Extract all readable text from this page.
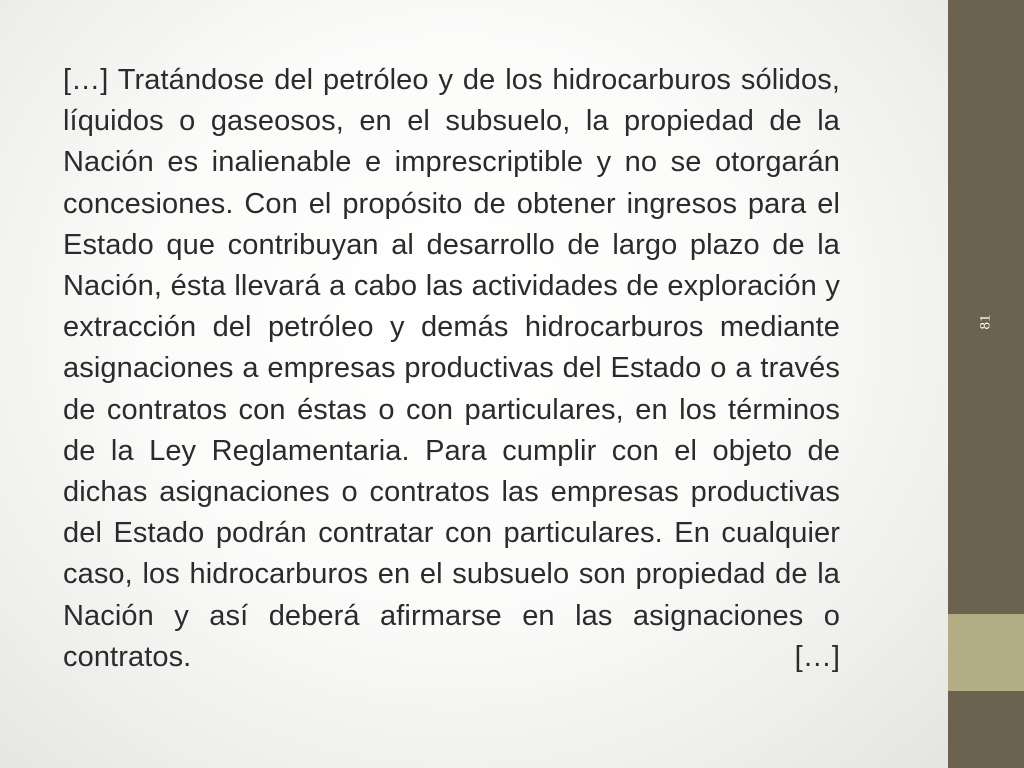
[…] Tratándose del petróleo y de los hidrocarburos sólidos, líquidos o gaseosos, en el subsuelo, la propiedad de la Nación es inalienable e imprescriptible y no se otorgarán concesiones. Con el propósito de obtener ingresos para el Estado que contribuyan al desarrollo de largo plazo de la Nación, ésta llevará a cabo las actividades de exploración y extracción del petróleo y demás hidrocarburos mediante asignaciones a empresas productivas del Estado o a través de contratos con éstas o con particulares, en los términos de la Ley Reglamentaria. Para cumplir con el objeto de dichas asignaciones o contratos las empresas productivas del Estado podrán contratar con particulares. En cualquier caso, los hidrocarburos en el subsuelo son propiedad de la Nación y así deberá afirmarse en las asignaciones o contratos. […]

81
